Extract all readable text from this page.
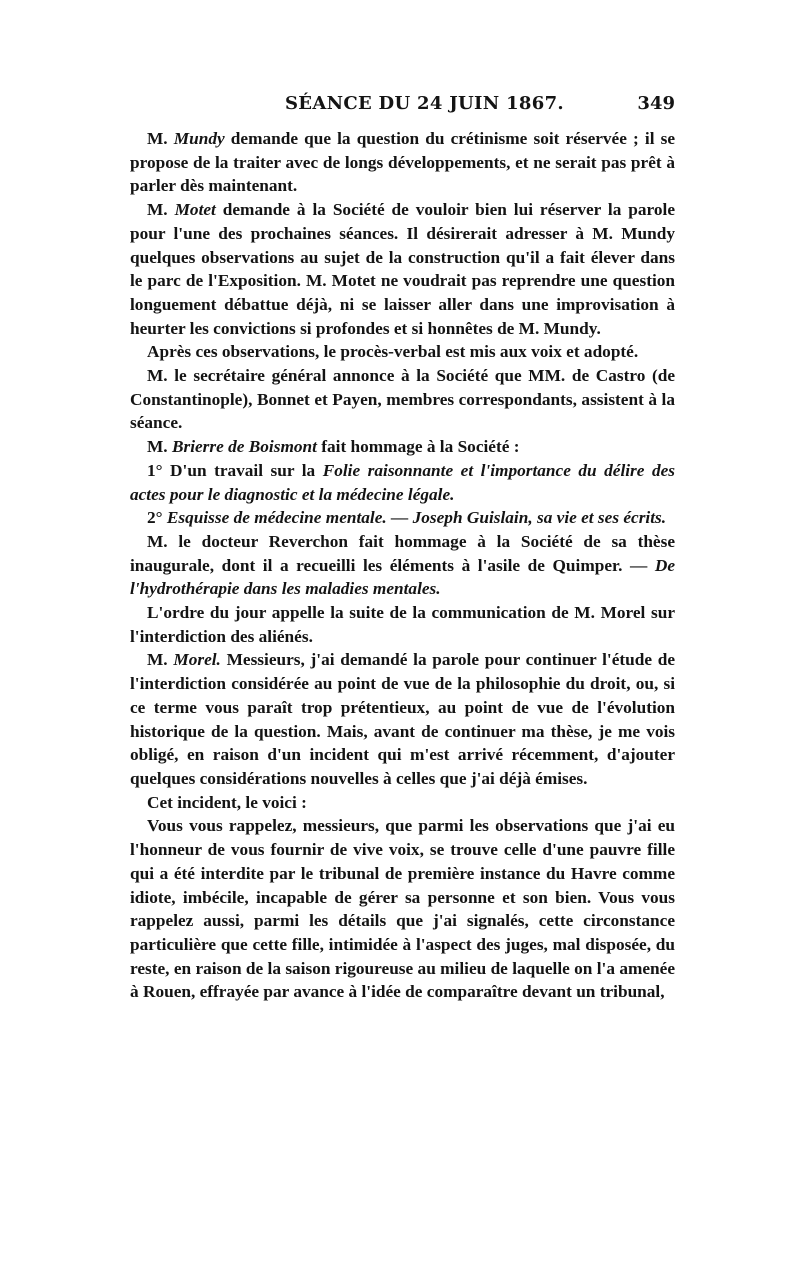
SÉANCE DU 24 JUIN 1867.	349

M. Mundy demande que la question du crétinisme soit réservée ; il se propose de la traiter avec de longs développements, et ne serait pas prêt à parler dès maintenant.

M. Motet demande à la Société de vouloir bien lui réserver la parole pour l'une des prochaines séances. Il désirerait adresser à M. Mundy quelques observations au sujet de la construction qu'il a fait élever dans le parc de l'Exposition. M. Motet ne voudrait pas reprendre une question longuement débattue déjà, ni se laisser aller dans une improvisation à heurter les convictions si profondes et si honnêtes de M. Mundy.

Après ces observations, le procès-verbal est mis aux voix et adopté.

M. le secrétaire général annonce à la Société que MM. de Castro (de Constantinople), Bonnet et Payen, membres correspondants, assistent à la séance.

M. Brierre de Boismont fait hommage à la Société :

1° D'un travail sur la Folie raisonnante et l'importance du délire des actes pour le diagnostic et la médecine légale.

2° Esquisse de médecine mentale. — Joseph Guislain, sa vie et ses écrits.

M. le docteur Reverchon fait hommage à la Société de sa thèse inaugurale, dont il a recueilli les éléments à l'asile de Quimper. — De l'hydrothérapie dans les maladies mentales.

L'ordre du jour appelle la suite de la communication de M. Morel sur l'interdiction des aliénés.

M. Morel. Messieurs, j'ai demandé la parole pour continuer l'étude de l'interdiction considérée au point de vue de la philosophie du droit, ou, si ce terme vous paraît trop prétentieux, au point de vue de l'évolution historique de la question. Mais, avant de continuer ma thèse, je me vois obligé, en raison d'un incident qui m'est arrivé récemment, d'ajouter quelques considérations nouvelles à celles que j'ai déjà émises.

Cet incident, le voici :

Vous vous rappelez, messieurs, que parmi les observations que j'ai eu l'honneur de vous fournir de vive voix, se trouve celle d'une pauvre fille qui a été interdite par le tribunal de première instance du Havre comme idiote, imbécile, incapable de gérer sa personne et son bien. Vous vous rappelez aussi, parmi les détails que j'ai signalés, cette circonstance particulière que cette fille, intimidée à l'aspect des juges, mal disposée, du reste, en raison de la saison rigoureuse au milieu de laquelle on l'a amenée à Rouen, effrayée par avance à l'idée de comparaître devant un tribunal,
